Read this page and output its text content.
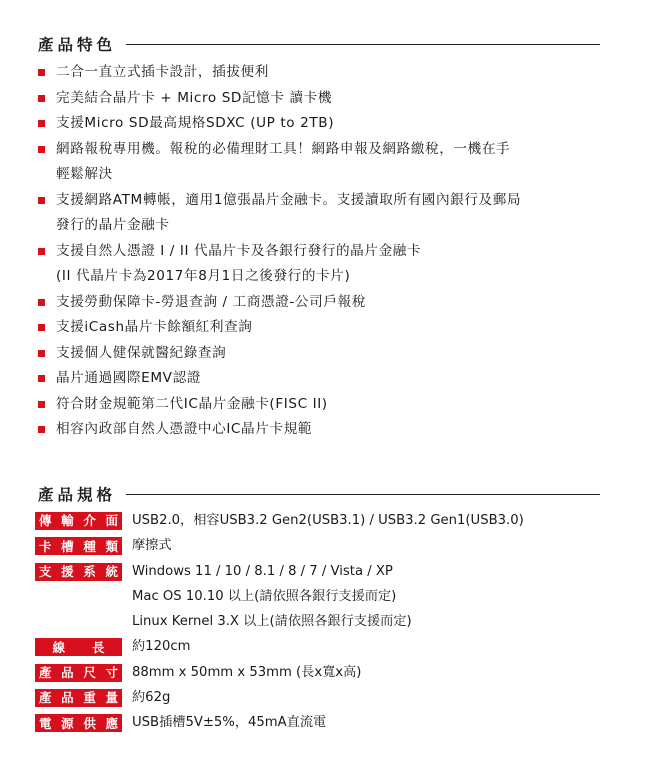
產品特色
二合一直立式插卡設計，插拔便利
完美結合晶片卡 + Micro SD記憶卡 讀卡機
支援Micro SD最高規格SDXC (UP to 2TB)
網路報稅專用機。報稅的必備理財工具！網路申報及網路繳稅，一機在手
輕鬆解決
支援網路ATM轉帳，適用1億張晶片金融卡。支援讀取所有國內銀行及郵局
發行的晶片金融卡
支援自然人憑證 I / II 代晶片卡及各銀行發行的晶片金融卡
(II 代晶片卡為2017年8月1日之後發行的卡片)
支援勞動保障卡-勞退查詢 / 工商憑證-公司戶報稅
支援iCash晶片卡餘額紅利查詢
支援個人健保就醫紀錄查詢
晶片通過國際EMV認證
符合財金規範第二代IC晶片金融卡(FISC II)
相容內政部自然人憑證中心IC晶片卡規範
產品規格
傳 輸 介 面 USB2.0，相容USB3.2 Gen2(USB3.1) / USB3.2 Gen1(USB3.0)
卡 槽 種 類 摩擦式
支 援 系 統 Windows 11 / 10 / 8.1 / 8 / 7 / Vista / XP
Mac OS 10.10 以上(請依照各銀行支援而定)
Linux Kernel 3.X 以上(請依照各銀行支援而定)
線 長 約120cm
產 品 尺 寸 88mm x 50mm x 53mm (長x寬x高)
產 品 重 量 約62g
電 源 供 應 USB插槽5V±5%，45mA直流電
